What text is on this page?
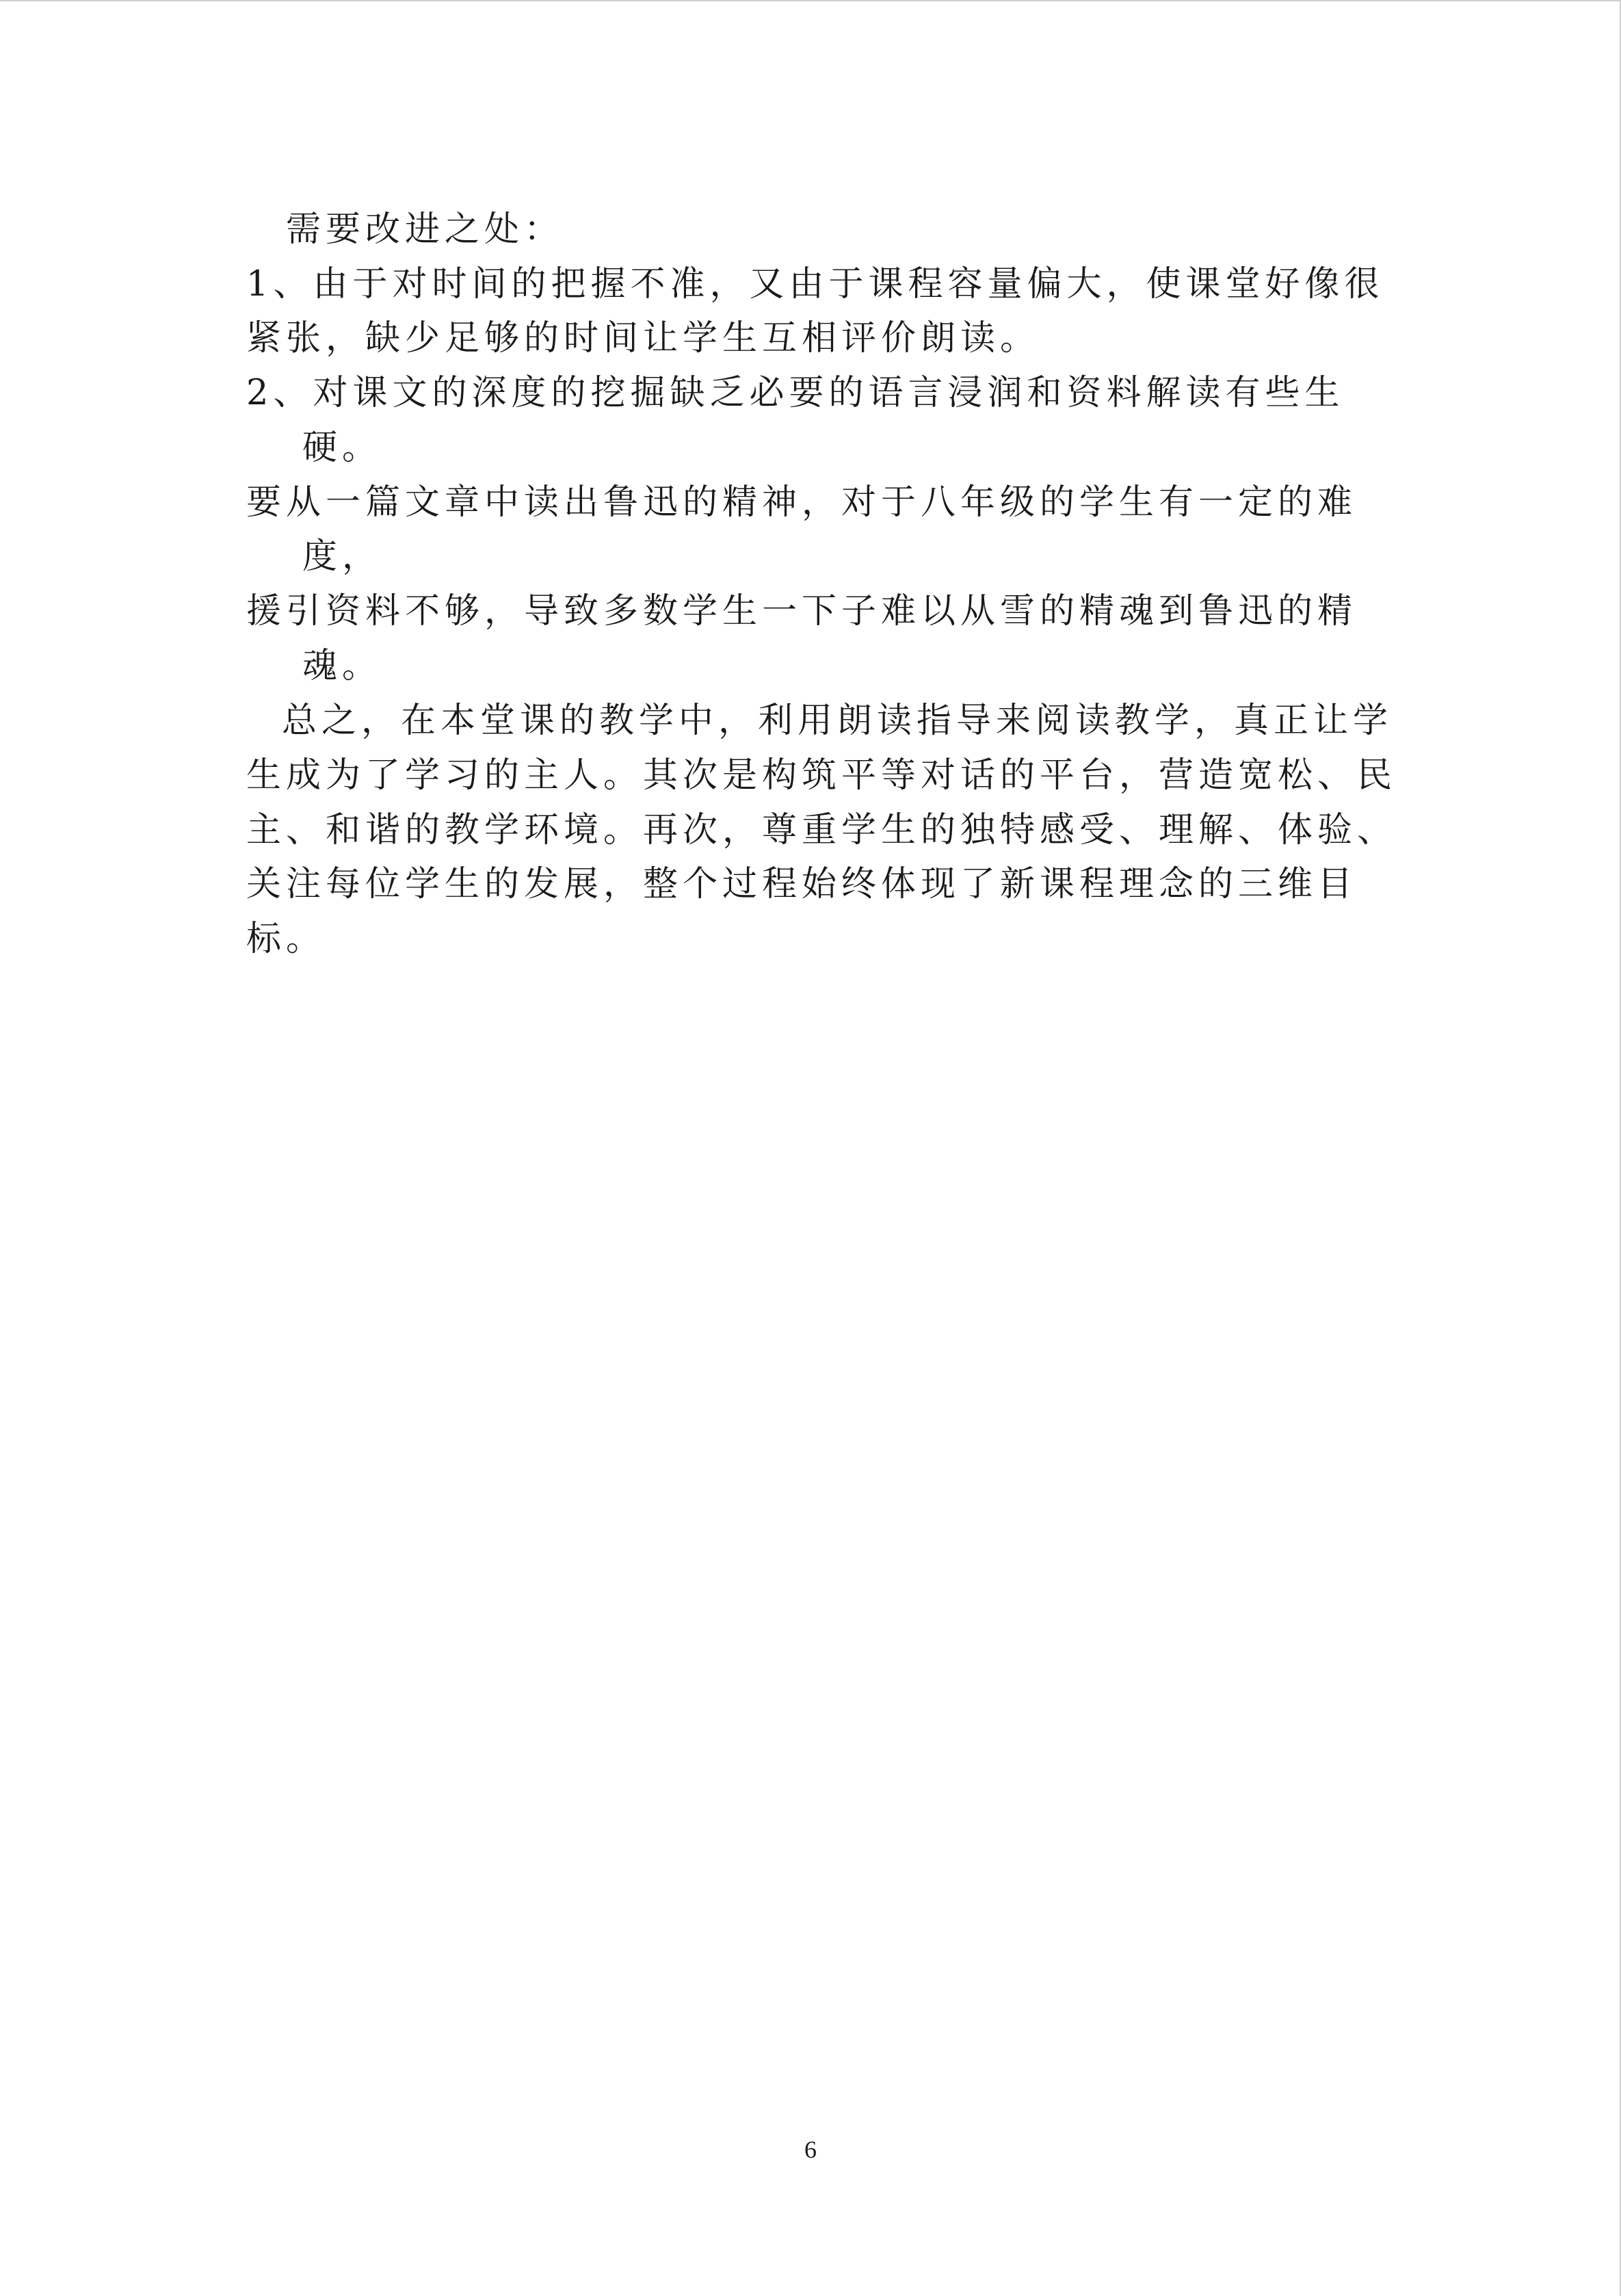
需要改进之处：

1、由于对时间的把握不准，又由于课程容量偏大，使课堂好像很

紧张，缺少足够的时间让学生互相评价朗读。

2、对课文的深度的挖掘缺乏必要的语言浸润和资料解读有些生

硬。

要从一篇文章中读出鲁迅的精神，对于八年级的学生有一定的难

度，

援引资料不够，导致多数学生一下子难以从雪的精魂到鲁迅的精

魂。

总之，在本堂课的教学中，利用朗读指导来阅读教学，真正让学

生成为了学习的主人。其次是构筑平等对话的平台，营造宽松、民

主、和谐的教学环境。再次，尊重学生的独特感受、理解、体验、

关注每位学生的发展，整个过程始终体现了新课程理念的三维目

标。

6
